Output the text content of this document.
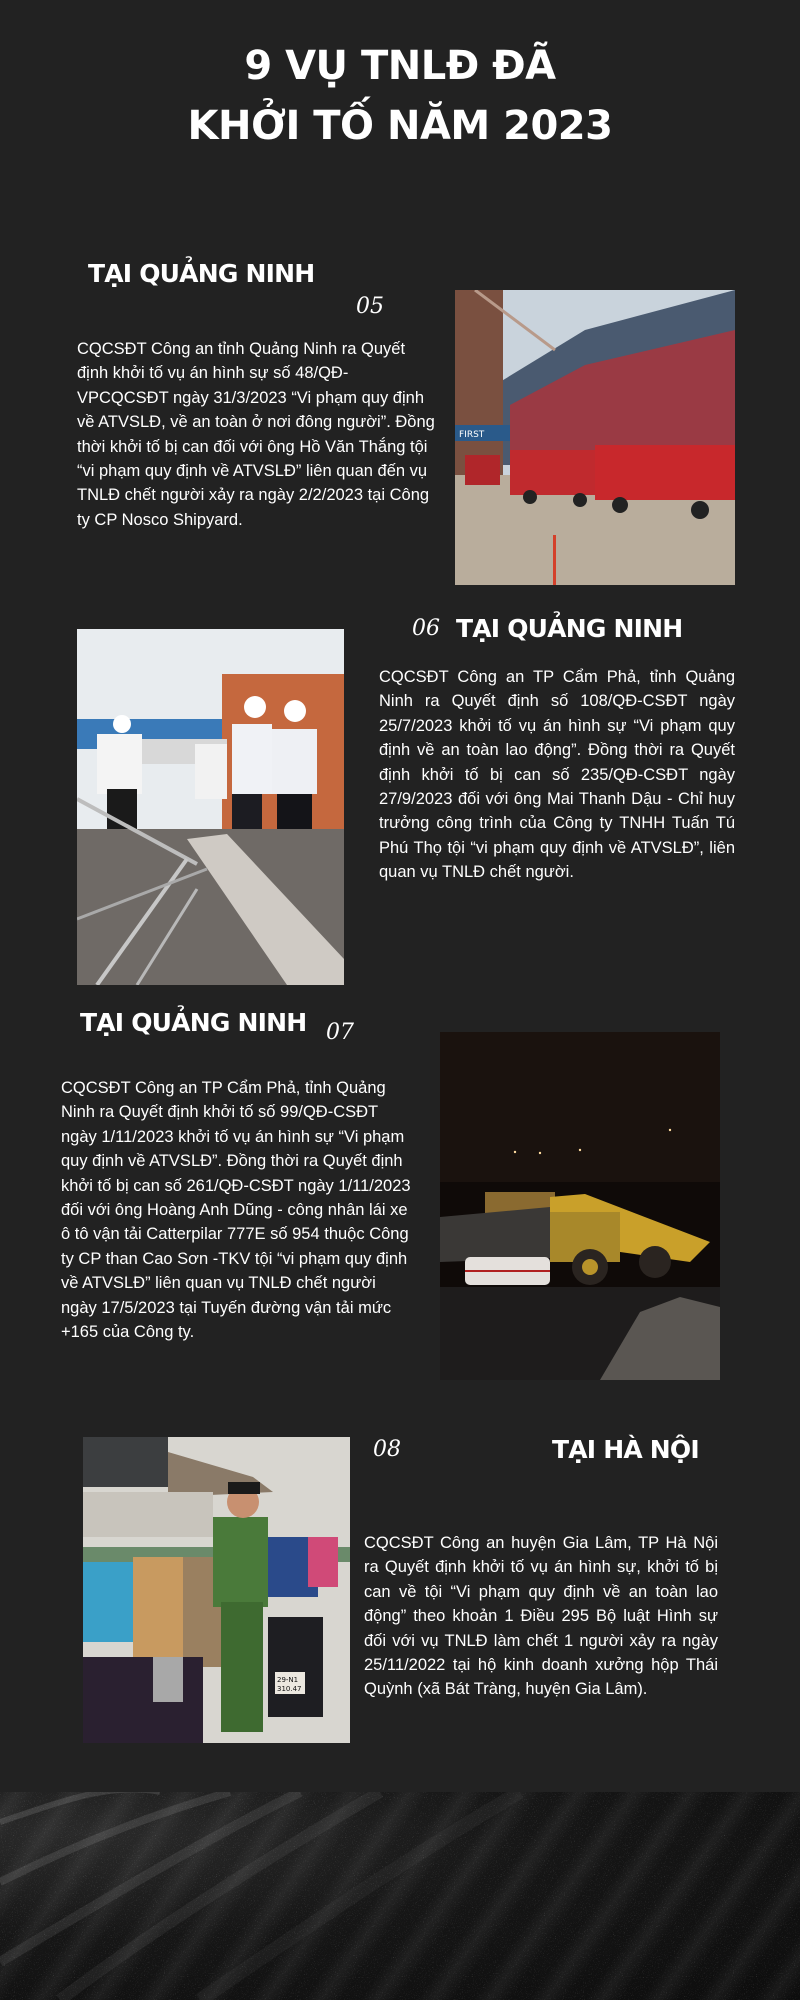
9 VỤ TNLĐ ĐÃ
KHỞI TỐ NĂM 2023
TẠI QUẢNG NINH
05
CQCSĐT Công an tỉnh Quảng Ninh ra Quyết định khởi tố vụ án hình sự số 48/QĐ-VPCQCSĐT ngày 31/3/2023 “Vi phạm quy định về ATVSLĐ, về an toàn ở nơi đông người”. Đồng thời khởi tố bị can đối với ông Hồ Văn Thắng tội “vi phạm quy định về ATVSLĐ” liên quan đến vụ TNLĐ chết người xảy ra ngày 2/2/2023 tại Công ty CP Nosco Shipyard.
FIRST
06 TẠI QUẢNG NINH
CQCSĐT Công an TP Cẩm Phả, tỉnh Quảng Ninh ra Quyết định số 108/QĐ-CSĐT ngày 25/7/2023 khởi tố vụ án hình sự “Vi phạm quy định về an toàn lao động”. Đồng thời ra Quyết định khởi tố bị can số 235/QĐ-CSĐT ngày 27/9/2023 đối với ông Mai Thanh Dậu - Chỉ huy trưởng công trình của Công ty TNHH Tuấn Tú Phú Thọ tội “vi phạm quy định về ATVSLĐ”, liên quan vụ TNLĐ chết người.
TẠI QUẢNG NINH 07
CQCSĐT Công an TP Cẩm Phả, tỉnh Quảng Ninh ra Quyết định khởi tố số 99/QĐ-CSĐT ngày 1/11/2023 khởi tố vụ án hình sự “Vi phạm quy định về ATVSLĐ”. Đồng thời ra Quyết định khởi tố bị can số 261/QĐ-CSĐT ngày 1/11/2023 đối với ông Hoàng Anh Dũng - công nhân lái xe ô tô vận tải Catterpilar 777E số 954 thuộc Công ty CP than Cao Sơn -TKV tội “vi phạm quy định về ATVSLĐ” liên quan vụ TNLĐ chết người ngày 17/5/2023 tại Tuyến đường vận tải mức +165 của Công ty.
08	TẠI HÀ NỘI
CQCSĐT Công an huyện Gia Lâm, TP Hà Nội ra Quyết định khởi tố vụ án hình sự, khởi tố bị can về tội “Vi phạm quy định về an toàn lao động” theo khoản 1 Điều 295 Bộ luật Hình sự đối với vụ TNLĐ làm chết 1 người xảy ra ngày 25/11/2022 tại hộ kinh doanh xưởng hộp Thái Quỳnh (xã Bát Tràng, huyện Gia Lâm).
29-N1
310.47
